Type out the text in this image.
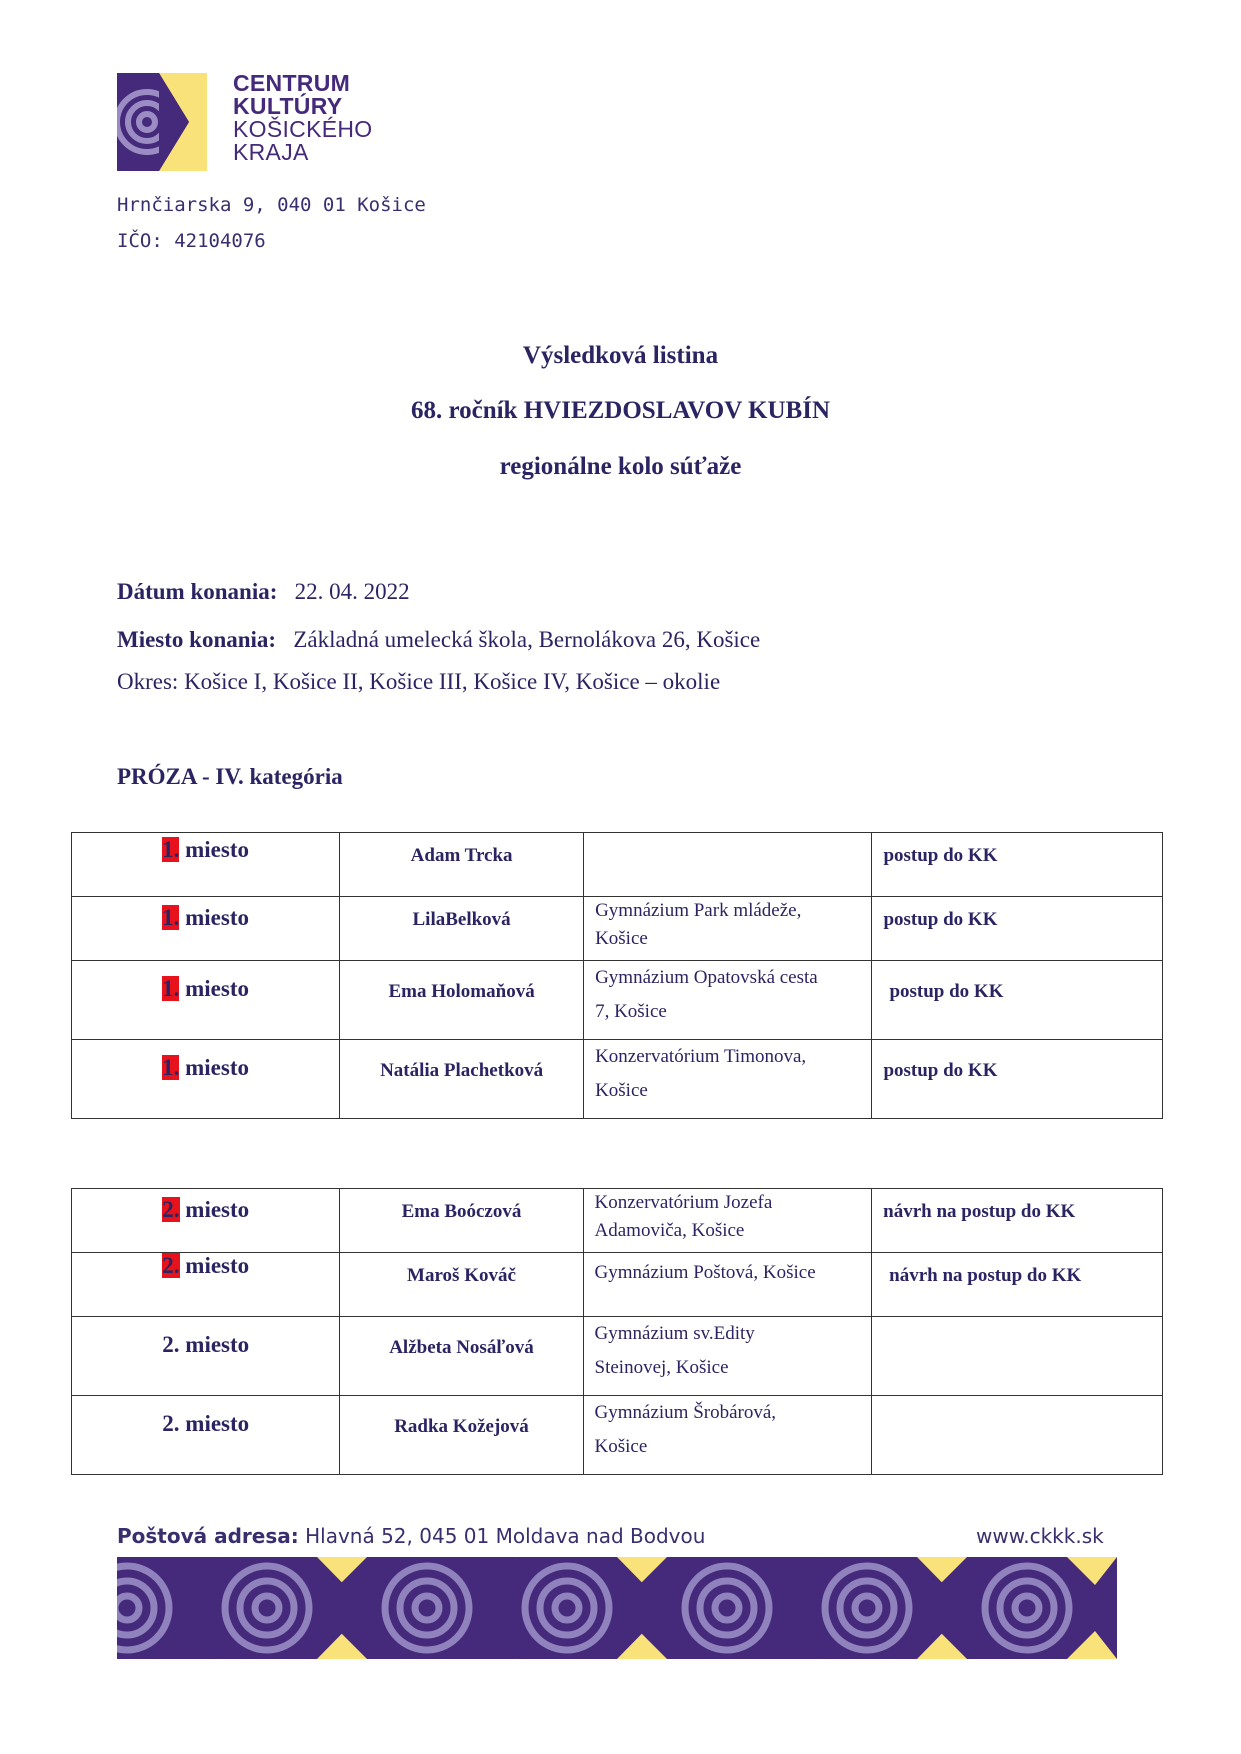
CENTRUM
KULTÚRY
KOŠICKÉHO
KRAJA
Hrnčiarska 9, 040 01 Košice
IČO: 42104076
Výsledková listina
68. ročník HVIEZDOSLAVOV KUBÍN
regionálne kolo súťaže
Dátum konania: 22. 04. 2022
Miesto konania: Základná umelecká škola, Bernolákova 26, Košice
Okres: Košice I, Košice II, Košice III, Košice IV, Košice – okolie
PRÓZA - IV. kategória
1. miesto	Adam Trcka		postup do KK
1. miesto	LilaBelková	Gymnázium Park mládeže,
Košice	postup do KK
1. miesto	Ema Holomaňová	Gymnázium Opatovská cesta
7, Košice	postup do KK
1. miesto	Natália Plachetková	Konzervatórium Timonova,
Košice	postup do KK
2. miesto	Ema Boóczová	Konzervatórium Jozefa
Adamoviča, Košice	návrh na postup do KK
2. miesto	Maroš Kováč	Gymnázium Poštová, Košice	návrh na postup do KK
2. miesto	Alžbeta Nosáľová	Gymnázium sv.Edity
Steinovej, Košice	

2. miesto	Radka Kožejová	Gymnázium Šrobárová,
Košice	

Poštová adresa: Hlavná 52, 045 01 Moldava nad Bodvou	www.ckkk.sk
